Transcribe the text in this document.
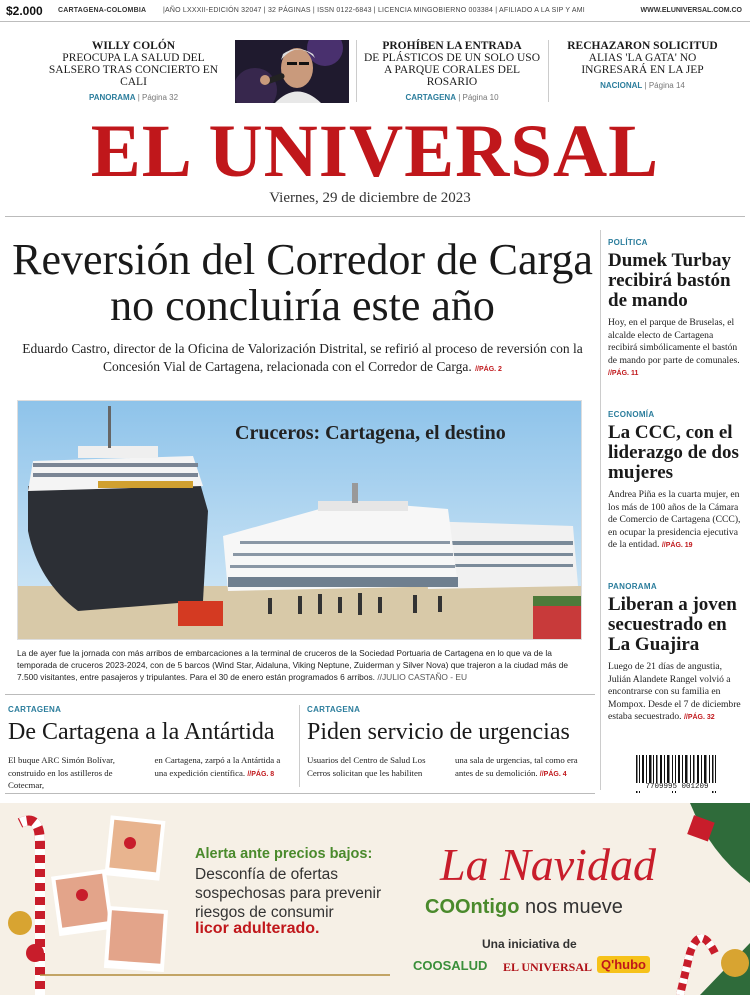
$2.000 CARTAGENA-COLOMBIA |AÑO LXXXII-EDICIÓN 32047 | 32 PÁGINAS | ISSN 0122-6843 | LICENCIA MINGOBIERNO 003384 | AFILIADO A LA SIP Y AMI	WWW.ELUNIVERSAL.COM.CO
WILLY COLÓN
PREOCUPA LA SALUD DEL SALSERO TRAS CONCIERTO EN CALI
PANORAMA | Página 32
PROHÍBEN LA ENTRADA
DE PLÁSTICOS DE UN SOLO USO A PARQUE CORALES DEL ROSARIO
CARTAGENA | Página 10
RECHAZARON SOLICITUD
ALIAS 'LA GATA' NO INGRESARÁ EN LA JEP
NACIONAL | Página 14
EL UNIVERSAL
Viernes, 29 de diciembre de 2023
Reversión del Corredor de Carga no concluiría este año
Eduardo Castro, director de la Oficina de Valorización Distrital, se refirió al proceso de reversión con la Concesión Vial de Cartagena, relacionada con el Corredor de Carga. //PÁG. 2
Cruceros: Cartagena, el destino
La de ayer fue la jornada con más arribos de embarcaciones a la terminal de cruceros de la Sociedad Portuaria de Cartagena en lo que va de la temporada de cruceros 2023-2024, con de 5 barcos (Wind Star, Aidaluna, Viking Neptune, Zuiderman y Silver Nova) que trajeron a la ciudad más de 7.500 visitantes, entre pasajeros y tripulantes. Para el 30 de enero están programados 6 arribos. //JULIO CASTAÑO - EU
CARTAGENA
De Cartagena a la Antártida
El buque ARC Simón Bolívar, construido en los astilleros de Cotecmar,
en Cartagena, zarpó a la Antártida a una expedición científica. //PÁG. 8
CARTAGENA
Piden servicio de urgencias
Usuarios del Centro de Salud Los Cerros solicitan que les habiliten
una sala de urgencias, tal como era antes de su demolición. //PÁG. 4
POLÍTICA
Dumek Turbay recibirá bastón de mando
Hoy, en el parque de Bruselas, el alcalde electo de Cartagena recibirá simbólicamente el bastón de mando por parte de comunales. //PÁG. 11
ECONOMÍA
La CCC, con el liderazgo de dos mujeres
Andrea Piña es la cuarta mujer, en los más de 100 años de la Cámara de Comercio de Cartagena (CCC), en ocupar la presidencia ejecutiva de la entidad. //PÁG. 19
PANORAMA
Liberan a joven secuestrado en La Guajira
Luego de 21 días de angustia, Julián Alandete Rangel volvió a encontrarse con su familia en Mompox. Desde el 7 de diciembre estaba secuestrado. //PÁG. 32
7709995 001209
Alerta ante precios bajos:
Desconfía de ofertas sospechosas para prevenir riesgos de consumir
licor adulterado.
La Navidad
COOntigo nos mueve
Una iniciativa de
COOSALUD EL UNIVERSAL Q'hubo
